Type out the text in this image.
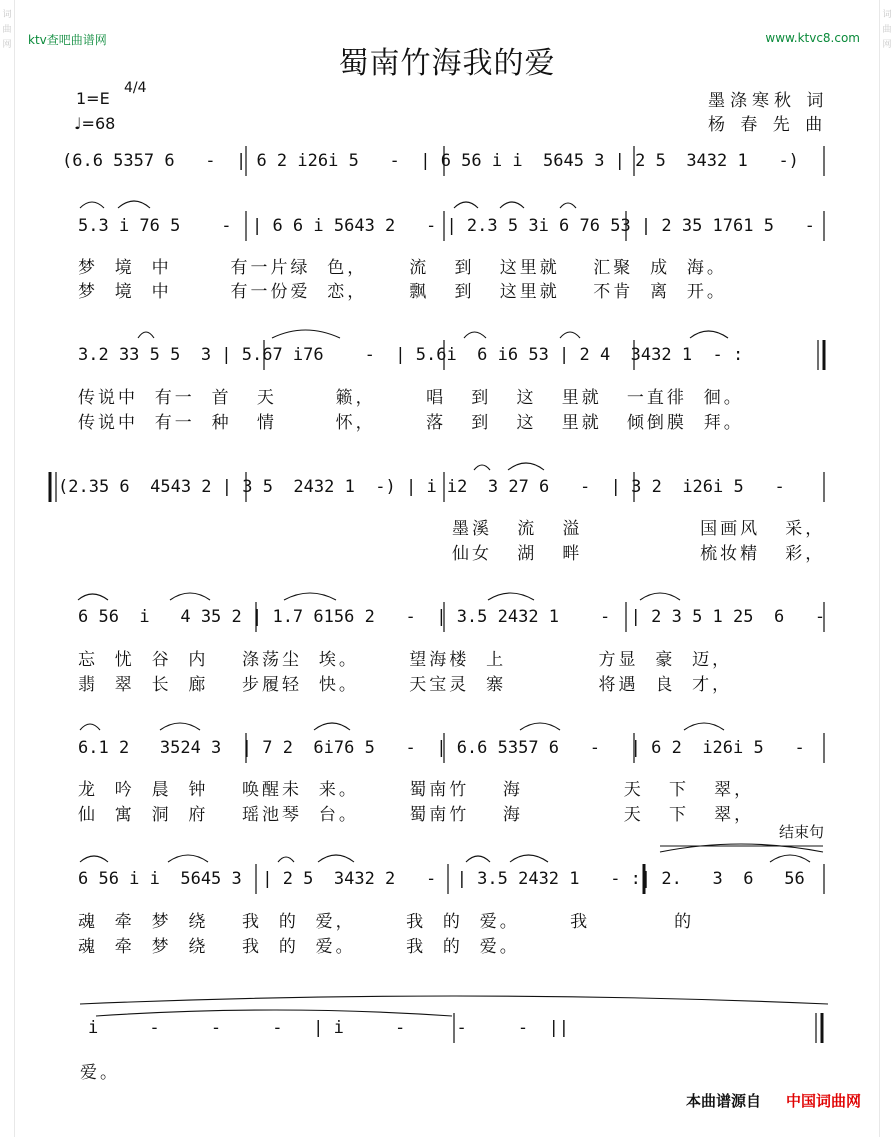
词曲网
词曲网
ktv查吧曲谱网	www.ktvc8.com
蜀南竹海我的爱
1=E
4/4
♩=68
墨涤寒秋 词
杨 春 先 曲
(6.6 5357 6   -  | 6 2 i26i 5   -  | 6 56 i i  5645 3 | 2 5  3432 1   -)
5.3 i 76 5    -  | 6 6 i 5643 2   - | 2.3 5 3i 6 76 53 | 2 35 1761 5   -
梦  境  中       有一片绿  色，     流   到   这里就    汇聚  成  海。
梦  境  中       有一份爱  恋，     飘   到   这里就    不肯  离  开。
3.2 33 5 5  3 | 5.67 i76    -  | 5.6i  6 i6 53 | 2 4  3432 1  - :
传说中  有一  首   天       籁，      唱   到   这   里就   一直徘  徊。
传说中  有一  种   情       怀，      落   到   这   里就   倾倒膜  拜。
(2.35 6  4543 2 | 3 5  2432 1  -) | i i2  3 27 6   -  | 3 2  i26i 5   -
墨溪   流   溢              国画风   采，
仙女   湖   畔              梳妆精   彩，
6 56  i   4 35 2 | 1.7 6156 2   -  | 3.5 2432 1    -  | 2 3 5 1 25  6   -
忘  忧  谷  内    涤荡尘  埃。      望海楼  上           方显  豪  迈，
翡  翠  长  廊    步履轻  快。      天宝灵  寨           将遇  良  才，
6.1 2   3524 3  | 7 2  6i76 5   -  | 6.6 5357 6   -   | 6 2  i26i 5   -
龙  吟  晨  钟    唤醒未  来。      蜀南竹    海            天   下   翠，
仙  寓  洞  府    瑶池琴  台。      蜀南竹    海            天   下   翠，
结束句
6 56 i i  5645 3  | 2 5  3432 2   -  | 3.5 2432 1   - :| 2.   3  6   56
魂  牵  梦  绕    我  的  爱，      我  的  爱。      我          的
魂  牵  梦  绕    我  的  爱。      我  的  爱。
i     -     -     -   | i     -     -     -  ||
爱。
本曲谱源自 中国词曲网
